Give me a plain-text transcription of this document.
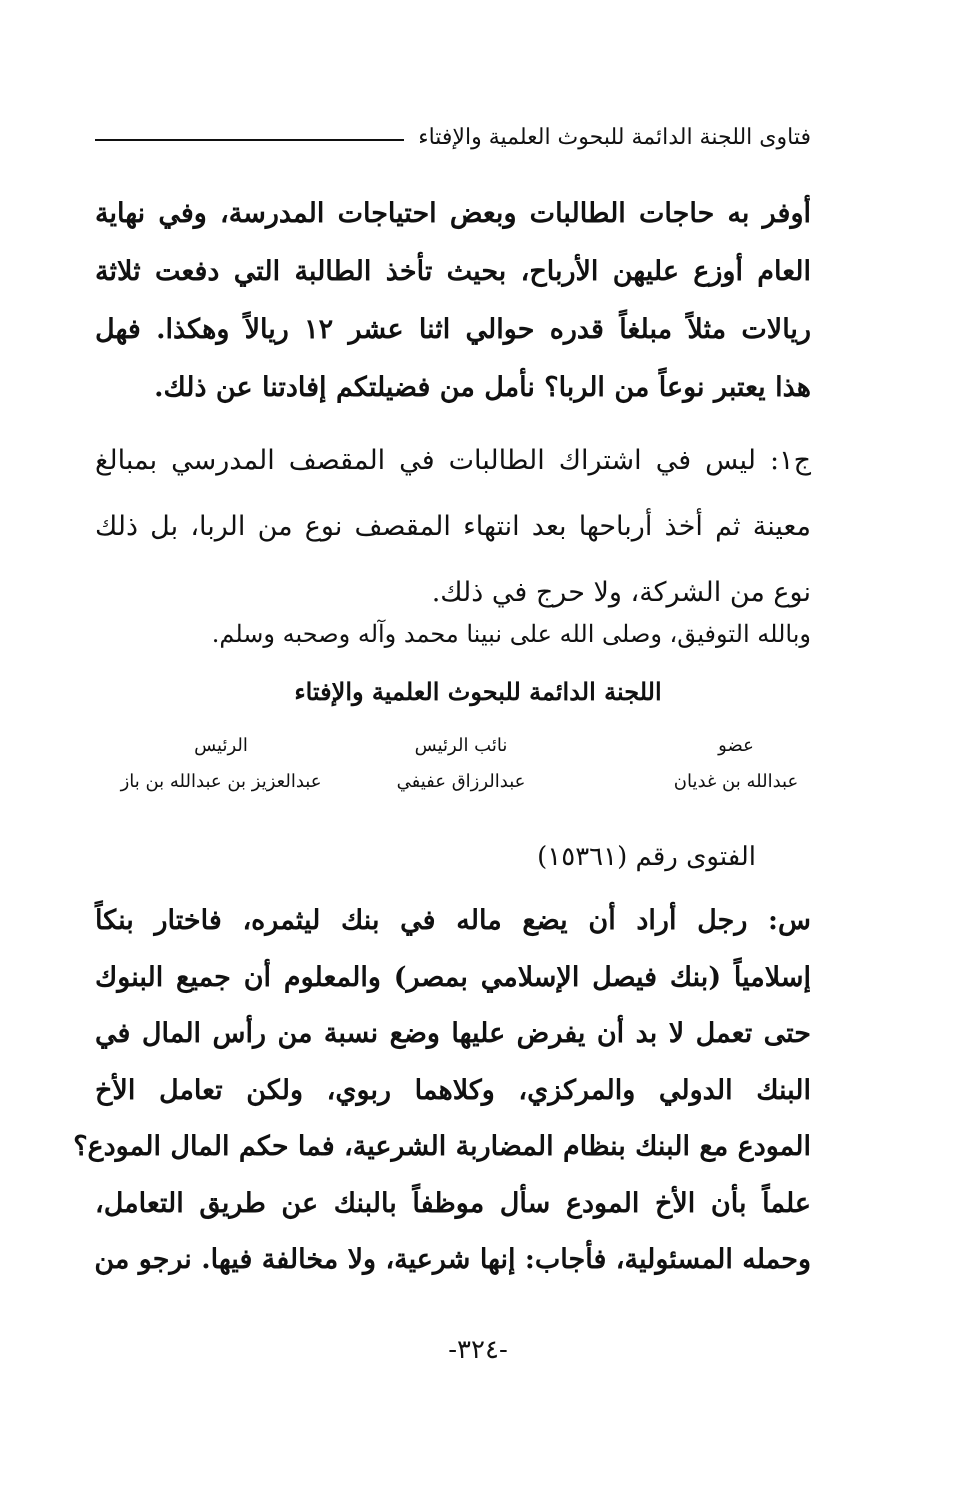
فتاوى اللجنة الدائمة للبحوث العلمية والإفتاء
أوفر به حاجات الطالبات وبعض احتياجات المدرسة، وفي نهاية
العام أوزع عليهن الأرباح، بحيث تأخذ الطالبة التي دفعت ثلاثة
ريالات مثلاً مبلغاً قدره حوالي اثنا عشر ١٢ ريالاً وهكذا. فهل
هذا يعتبر نوعاً من الربا؟ نأمل من فضيلتكم إفادتنا عن ذلك.
ج١: ليس في اشتراك الطالبات في المقصف المدرسي بمبالغ
معينة ثم أخذ أرباحها بعد انتهاء المقصف نوع من الربا، بل ذلك
نوع من الشركة، ولا حرج في ذلك.
وبالله التوفيق، وصلى الله على نبينا محمد وآله وصحبه وسلم.
اللجنة الدائمة للبحوث العلمية والإفتاء
عضو
عبدالله بن غديان
نائب الرئيس
عبدالرزاق عفيفي
الرئيس
عبدالعزيز بن عبدالله بن باز
الفتوى رقم (١٥٣٦١)
س: رجل أراد أن يضع ماله في بنك ليثمره، فاختار بنكاً
إسلامياً (بنك فيصل الإسلامي بمصر) والمعلوم أن جميع البنوك
حتى تعمل لا بد أن يفرض عليها وضع نسبة من رأس المال في
البنك الدولي والمركزي، وكلاهما ربوي، ولكن تعامل الأخ
المودع مع البنك بنظام المضاربة الشرعية، فما حكم المال المودع؟
علماً بأن الأخ المودع سأل موظفاً بالبنك عن طريق التعامل،
وحمله المسئولية، فأجاب: إنها شرعية، ولا مخالفة فيها. نرجو من
-٣٢٤-
